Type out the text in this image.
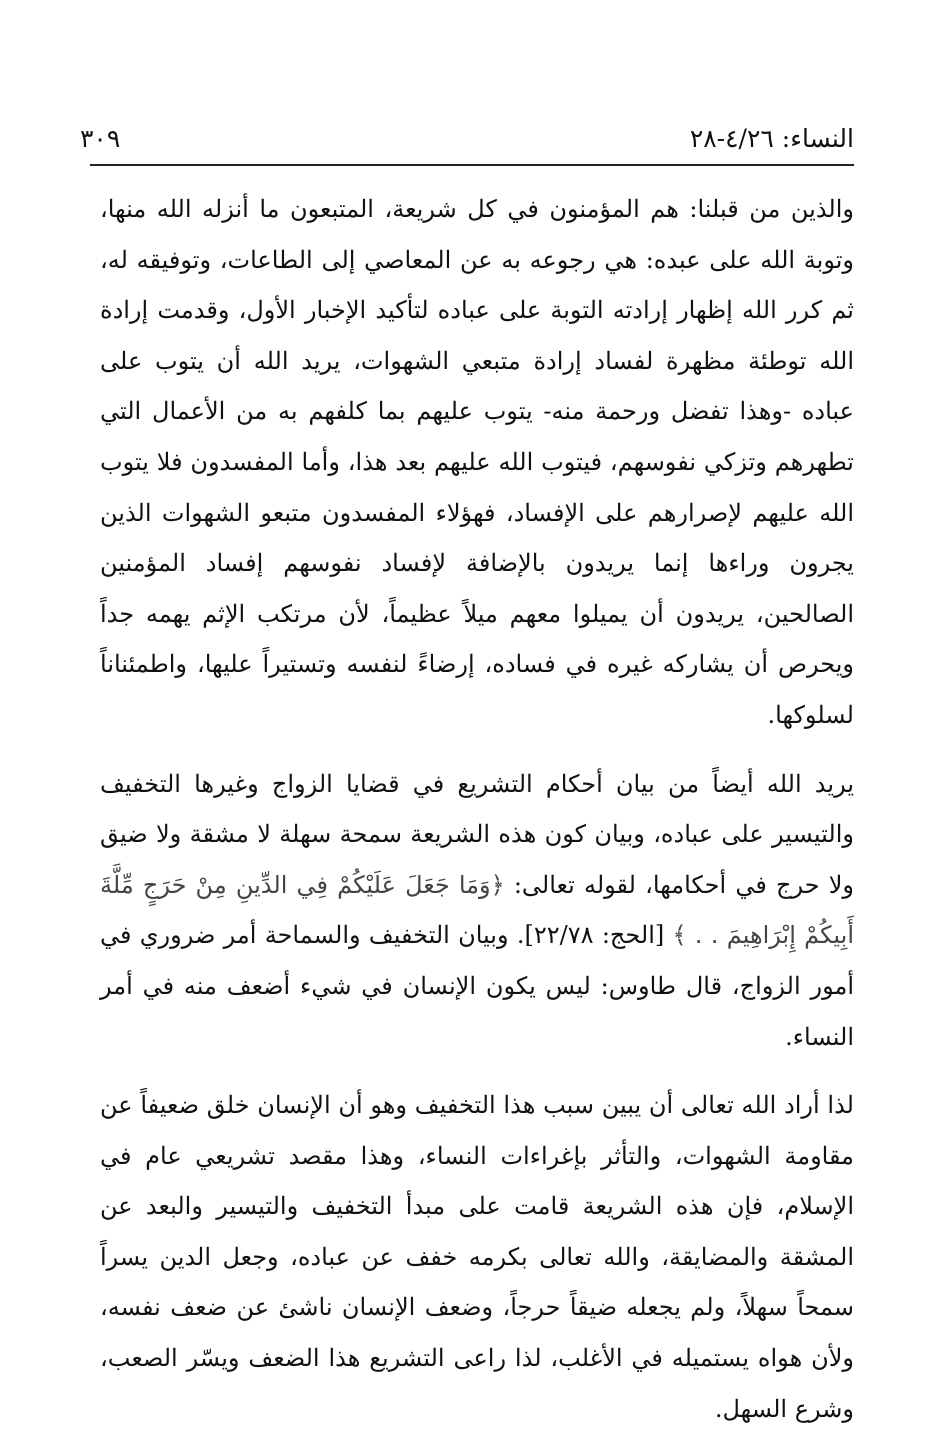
النساء: ٤/٢٦-٢٨
٣٠٩

والذين من قبلنا: هم المؤمنون في كل شريعة، المتبعون ما أنزله الله منها، وتوبة الله على عبده: هي رجوعه به عن المعاصي إلى الطاعات، وتوفيقه له، ثم كرر الله إظهار إرادته التوبة على عباده لتأكيد الإخبار الأول، وقدمت إرادة الله توطئة مظهرة لفساد إرادة متبعي الشهوات، يريد الله أن يتوب على عباده -وهذا تفضل ورحمة منه- يتوب عليهم بما كلفهم به من الأعمال التي تطهرهم وتزكي نفوسهم، فيتوب الله عليهم بعد هذا، وأما المفسدون فلا يتوب الله عليهم لإصرارهم على الإفساد، فهؤلاء المفسدون متبعو الشهوات الذين يجرون وراءها إنما يريدون بالإضافة لإفساد نفوسهم إفساد المؤمنين الصالحين، يريدون أن يميلوا معهم ميلاً عظيماً، لأن مرتكب الإثم يهمه جداً ويحرص أن يشاركه غيره في فساده، إرضاءً لنفسه وتستيراً عليها، واطمئناناً لسلوكها.

يريد الله أيضاً من بيان أحكام التشريع في قضايا الزواج وغيرها التخفيف والتيسير على عباده، وبيان كون هذه الشريعة سمحة سهلة لا مشقة ولا ضيق ولا حرج في أحكامها، لقوله تعالى: ﴿وَمَا جَعَلَ عَلَيْكُمْ فِي الدِّينِ مِنْ حَرَجٍ مِّلَّةَ أَبِيكُمْ إِبْرَاهِيمَ . . ﴾ [الحج: ٢٢/٧٨]. وبيان التخفيف والسماحة أمر ضروري في أمور الزواج، قال طاوس: ليس يكون الإنسان في شيء أضعف منه في أمر النساء.

لذا أراد الله تعالى أن يبين سبب هذا التخفيف وهو أن الإنسان خلق ضعيفاً عن مقاومة الشهوات، والتأثر بإغراءات النساء، وهذا مقصد تشريعي عام في الإسلام، فإن هذه الشريعة قامت على مبدأ التخفيف والتيسير والبعد عن المشقة والمضايقة، والله تعالى بكرمه خفف عن عباده، وجعل الدين يسراً سمحاً سهلاً، ولم يجعله ضيقاً حرجاً، وضعف الإنسان ناشئ عن ضعف نفسه، ولأن هواه يستميله في الأغلب، لذا راعى التشريع هذا الضعف ويسّر الصعب، وشرع السهل.
